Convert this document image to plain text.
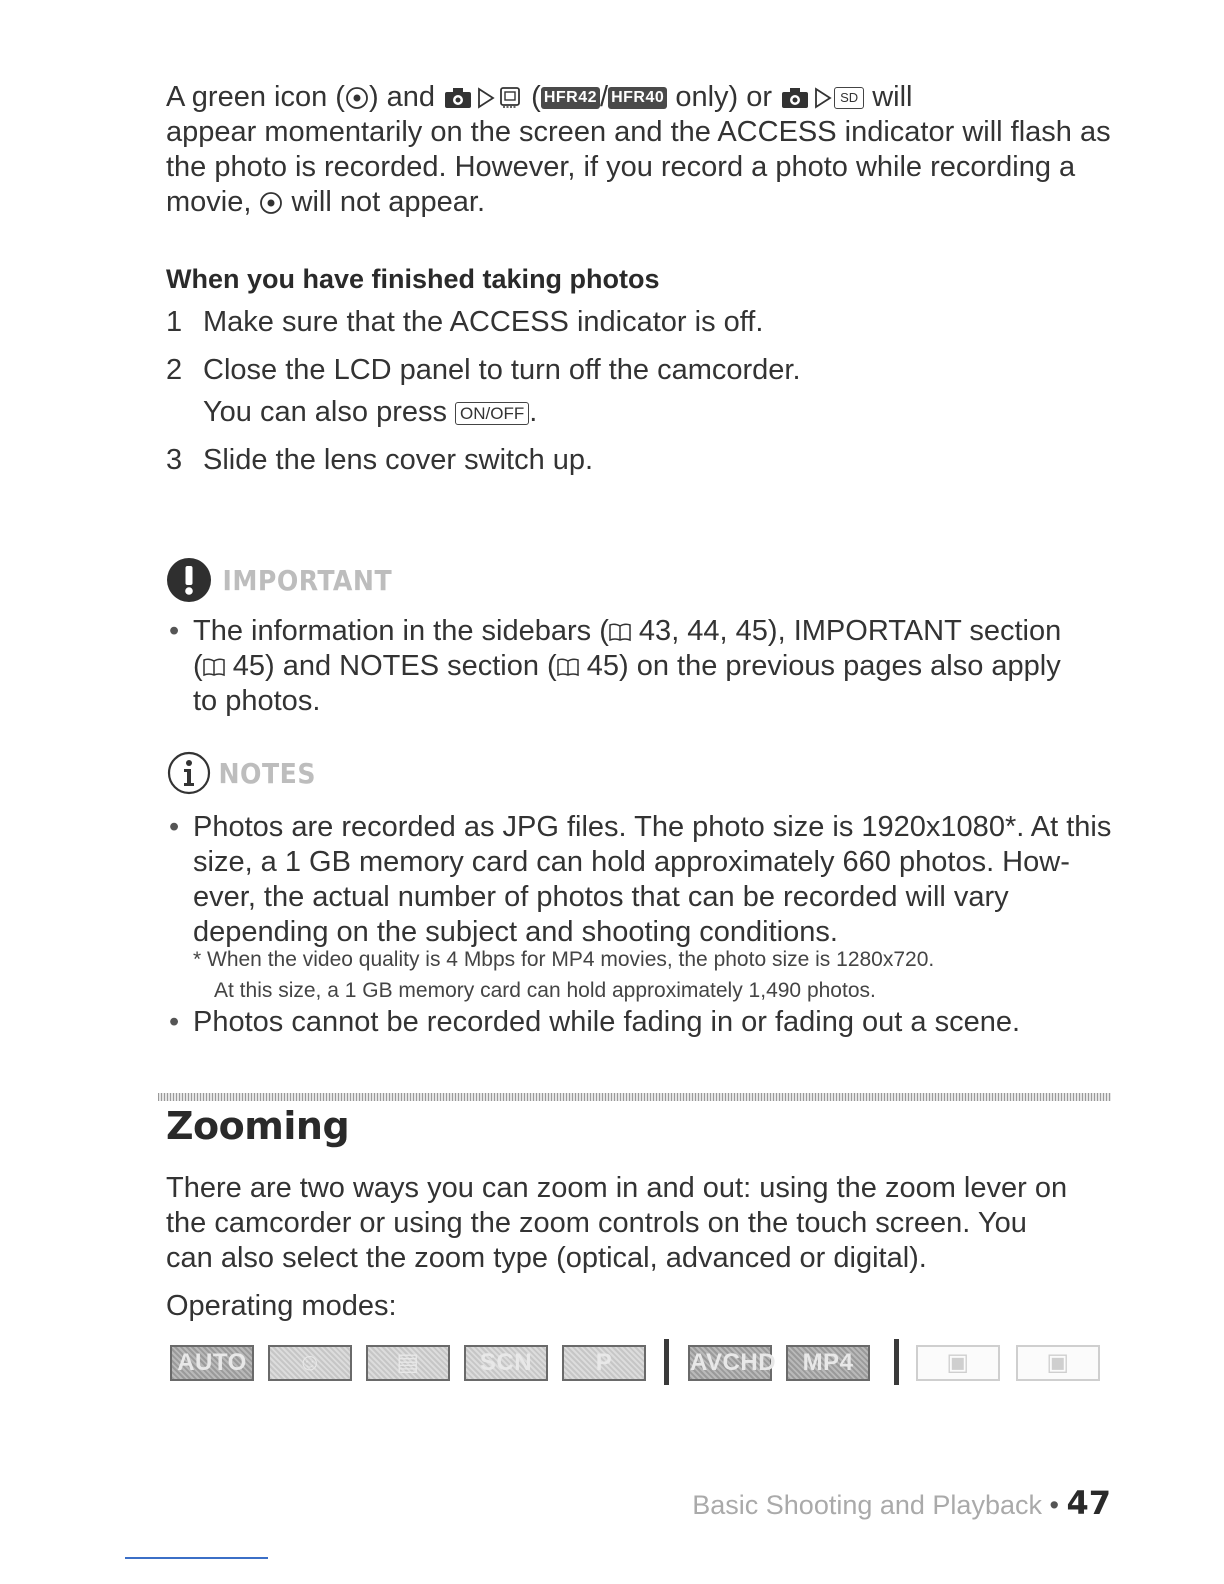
A green icon ( ) and	( HFR42 / HFR40 only) or	SD will
appear momentarily on the screen and the ACCESS indicator will flash as
the photo is recorded. However, if you record a photo while recording a
movie,  will not appear.
When you have finished taking photos
1 Make sure that the ACCESS indicator is off.
2 Close the LCD panel to turn off the camcorder.
You can also press ON/OFF .
3 Slide the lens cover switch up.
IMPORTANT
• The information in the sidebars ( 43, 44, 45), IMPORTANT section
( 45) and NOTES section ( 45) on the previous pages also apply
to photos.
NOTES
• Photos are recorded as JPG files. The photo size is 1920x1080*. At this
size, a 1 GB memory card can hold approximately 660 photos. How-
ever, the actual number of photos that can be recorded will vary
depending on the subject and shooting conditions.
* When the video quality is 4 Mbps for MP4 movies, the photo size is 1280x720.
At this size, a 1 GB memory card can hold approximately 1,490 photos.
• Photos cannot be recorded while fading in or fading out a scene.
Zooming
There are two ways you can zoom in and out: using the zoom lever on
the camcorder or using the zoom controls on the touch screen. You
can also select the zoom type (optical, advanced or digital).
Operating modes:
AUTO	☺	▤	SCN	P	AVCHD	MP4	▣	▣
Basic Shooting and Playback • 47
